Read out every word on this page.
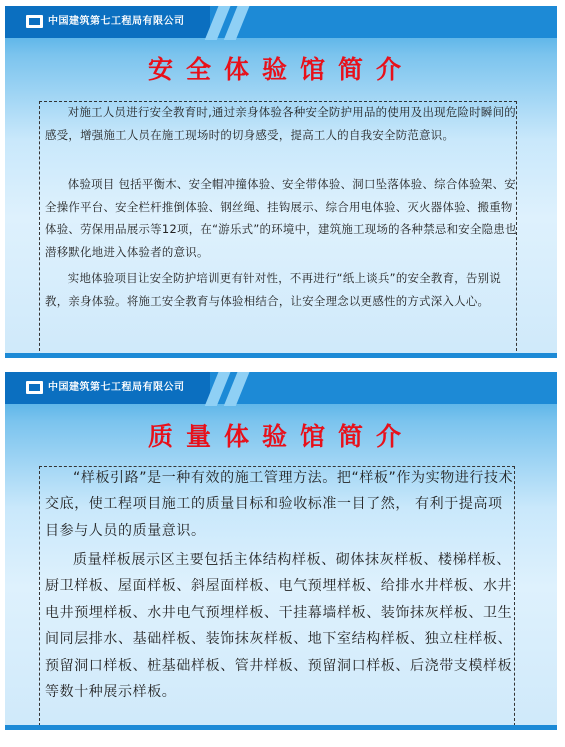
中国建筑第七工程局有限公司
安全体验馆简介

对施工人员进行安全教育时,通过亲身体验各种安全防护用品的使用及出现危险时瞬间的感受，增强施工人员在施工现场时的切身感受，提高工人的自我安全防范意识。

体验项目 包括平衡木、安全帽冲撞体验、安全带体验、洞口坠落体验、综合体验架、安全操作平台、安全栏杆推倒体验、钢丝绳、挂钩展示、综合用电体验、灭火器体验、搬重物体验、劳保用品展示等12项，在“游乐式”的环境中，建筑施工现场的各种禁忌和安全隐患也潜移默化地进入体验者的意识。

实地体验项目让安全防护培训更有针对性，不再进行“纸上谈兵”的安全教育，告别说教，亲身体验。将施工安全教育与体验相结合，让安全理念以更感性的方式深入人心。

中国建筑第七工程局有限公司
质量体验馆简介

“样板引路”是一种有效的施工管理方法。把“样板”作为实物进行技术交底，使工程项目施工的质量目标和验收标准一目了然， 有利于提高项目参与人员的质量意识。

质量样板展示区主要包括主体结构样板、砌体抹灰样板、楼梯样板、厨卫样板、屋面样板、斜屋面样板、电气预埋样板、给排水井样板、水井电井预埋样板、水井电气预埋样板、干挂幕墙样板、装饰抹灰样板、卫生间同层排水、基础样板、装饰抹灰样板、地下室结构样板、独立柱样板、预留洞口样板、桩基础样板、管井样板、预留洞口样板、后浇带支模样板等数十种展示样板。
